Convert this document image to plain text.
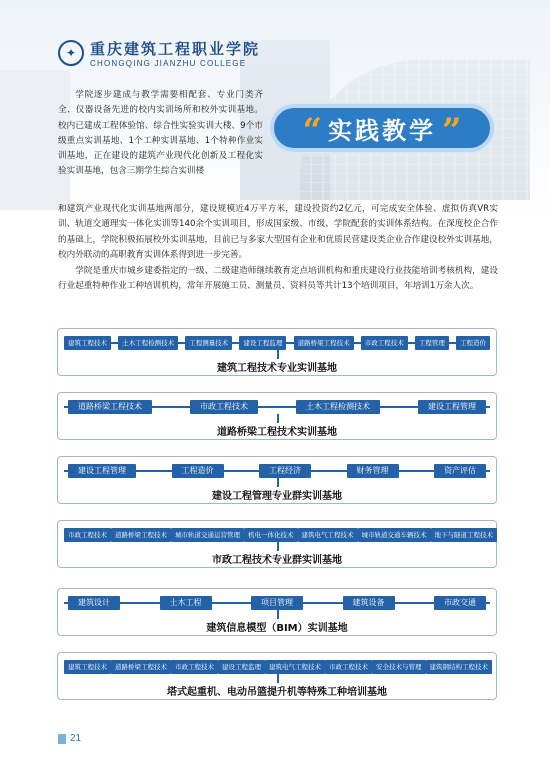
✦ 重庆建筑工程职业学院
CHONGQING JIANZHU COLLEGE
“ 实践教学 ”

学院逐步建成与教学需要相配套、专业门类齐全、仪器设备先进的校内实训场所和校外实训基地。校内已建成工程体验馆、综合性实验实训大楼、9个市级重点实训基地、1个工种实训基地、1个特种作业实训基地，正在建设的建筑产业现代化创新及工程化实验实训基地，包含三期学生综合实训楼

和建筑产业现代化实训基地两部分，建设规模近4万平方米，建设投资约2亿元，可完成安全体验、虚拟仿真VR实训、轨道交通理实一体化实训等140余个实训项目，形成国家级、市级、学院配套的实训体系结构。在深度校企合作的基础上，学院积极拓展校外实训基地，目前已与多家大型国有企业和优质民营建设类企业合作建设校外实训基地，校内外联动的高职教育实训体系得到进一步完善。

学院是重庆市城乡建委指定的一级、二级建造师继续教育定点培训机构和重庆建设行业技能培训考核机构，建设行业起重特种作业工种培训机构，常年开展施工员、测量员、资料员等共计13个培训项目，年培训1万余人次。

建筑工程技术	土木工程检测技术	工程测量技术	建设工程监理	道路桥梁工程技术	市政工程技术	工程管理	工程造价
建筑工程技术专业实训基地
道路桥梁工程技术	市政工程技术	土木工程检测技术	建设工程管理
道路桥梁工程技术实训基地
建设工程管理	工程造价	工程经济	财务管理	资产评估
建设工程管理专业群实训基地
市政工程技术	道路桥梁工程技术	城市轨道交通运营管理	机电一体化技术	建筑电气工程技术	城市轨道交通车辆技术	地下与隧道工程技术
市政工程技术专业群实训基地
建筑设计	土木工程	项目管理	建筑设备	市政交通
建筑信息模型（BIM）实训基地
建筑工程技术	道路桥梁工程技术	市政工程技术	建设工程监理	建筑电气工程技术	市政工程技术	安全技术与管理	建筑钢结构工程技术
塔式起重机、电动吊篮提升机等特殊工种培训基地
21
